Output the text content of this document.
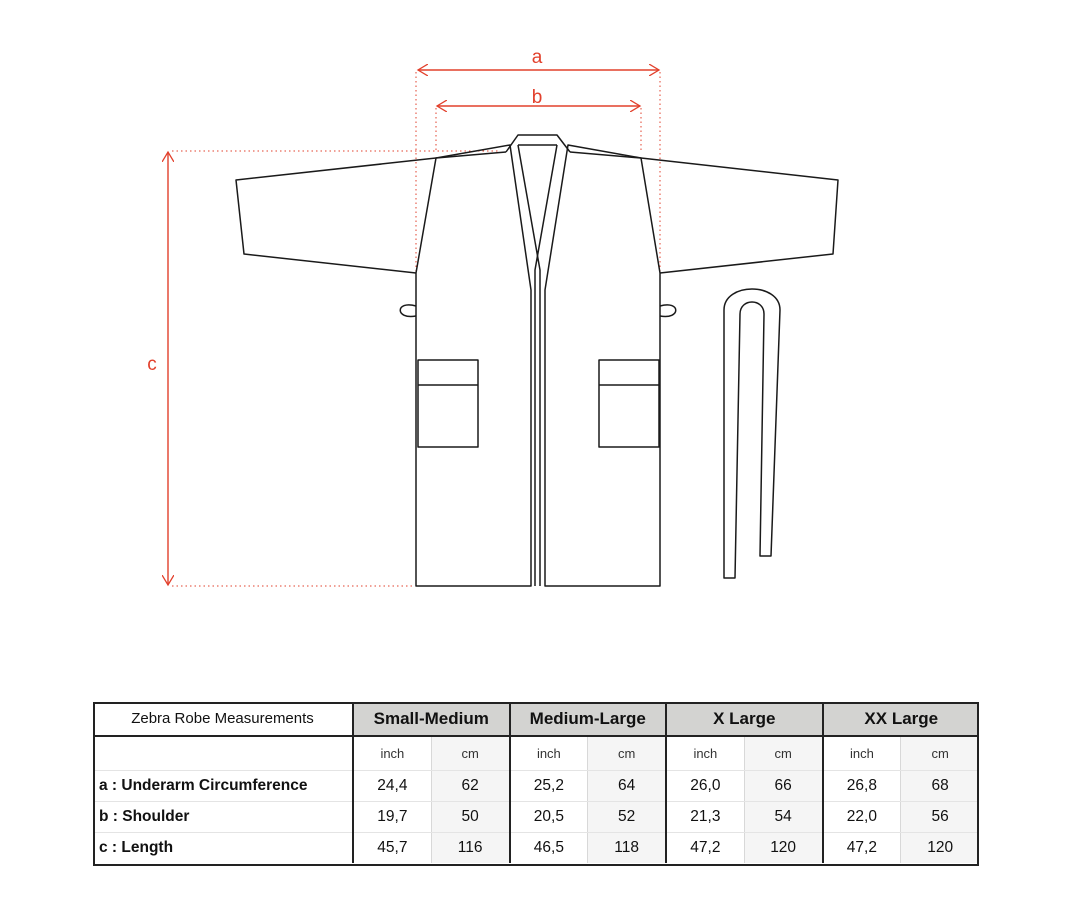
a
b
c
Zebra Robe Measurements	Small-Medium		Medium-Large		X Large		XX Large	
	inch	cm	inch	cm	inch	cm	inch	cm
a : Underarm Circumference	24,4	62	25,2	64	26,0	66	26,8	68
b : Shoulder	19,7	50	20,5	52	21,3	54	22,0	56
c : Length	45,7	116	46,5	118	47,2	120	47,2	120
